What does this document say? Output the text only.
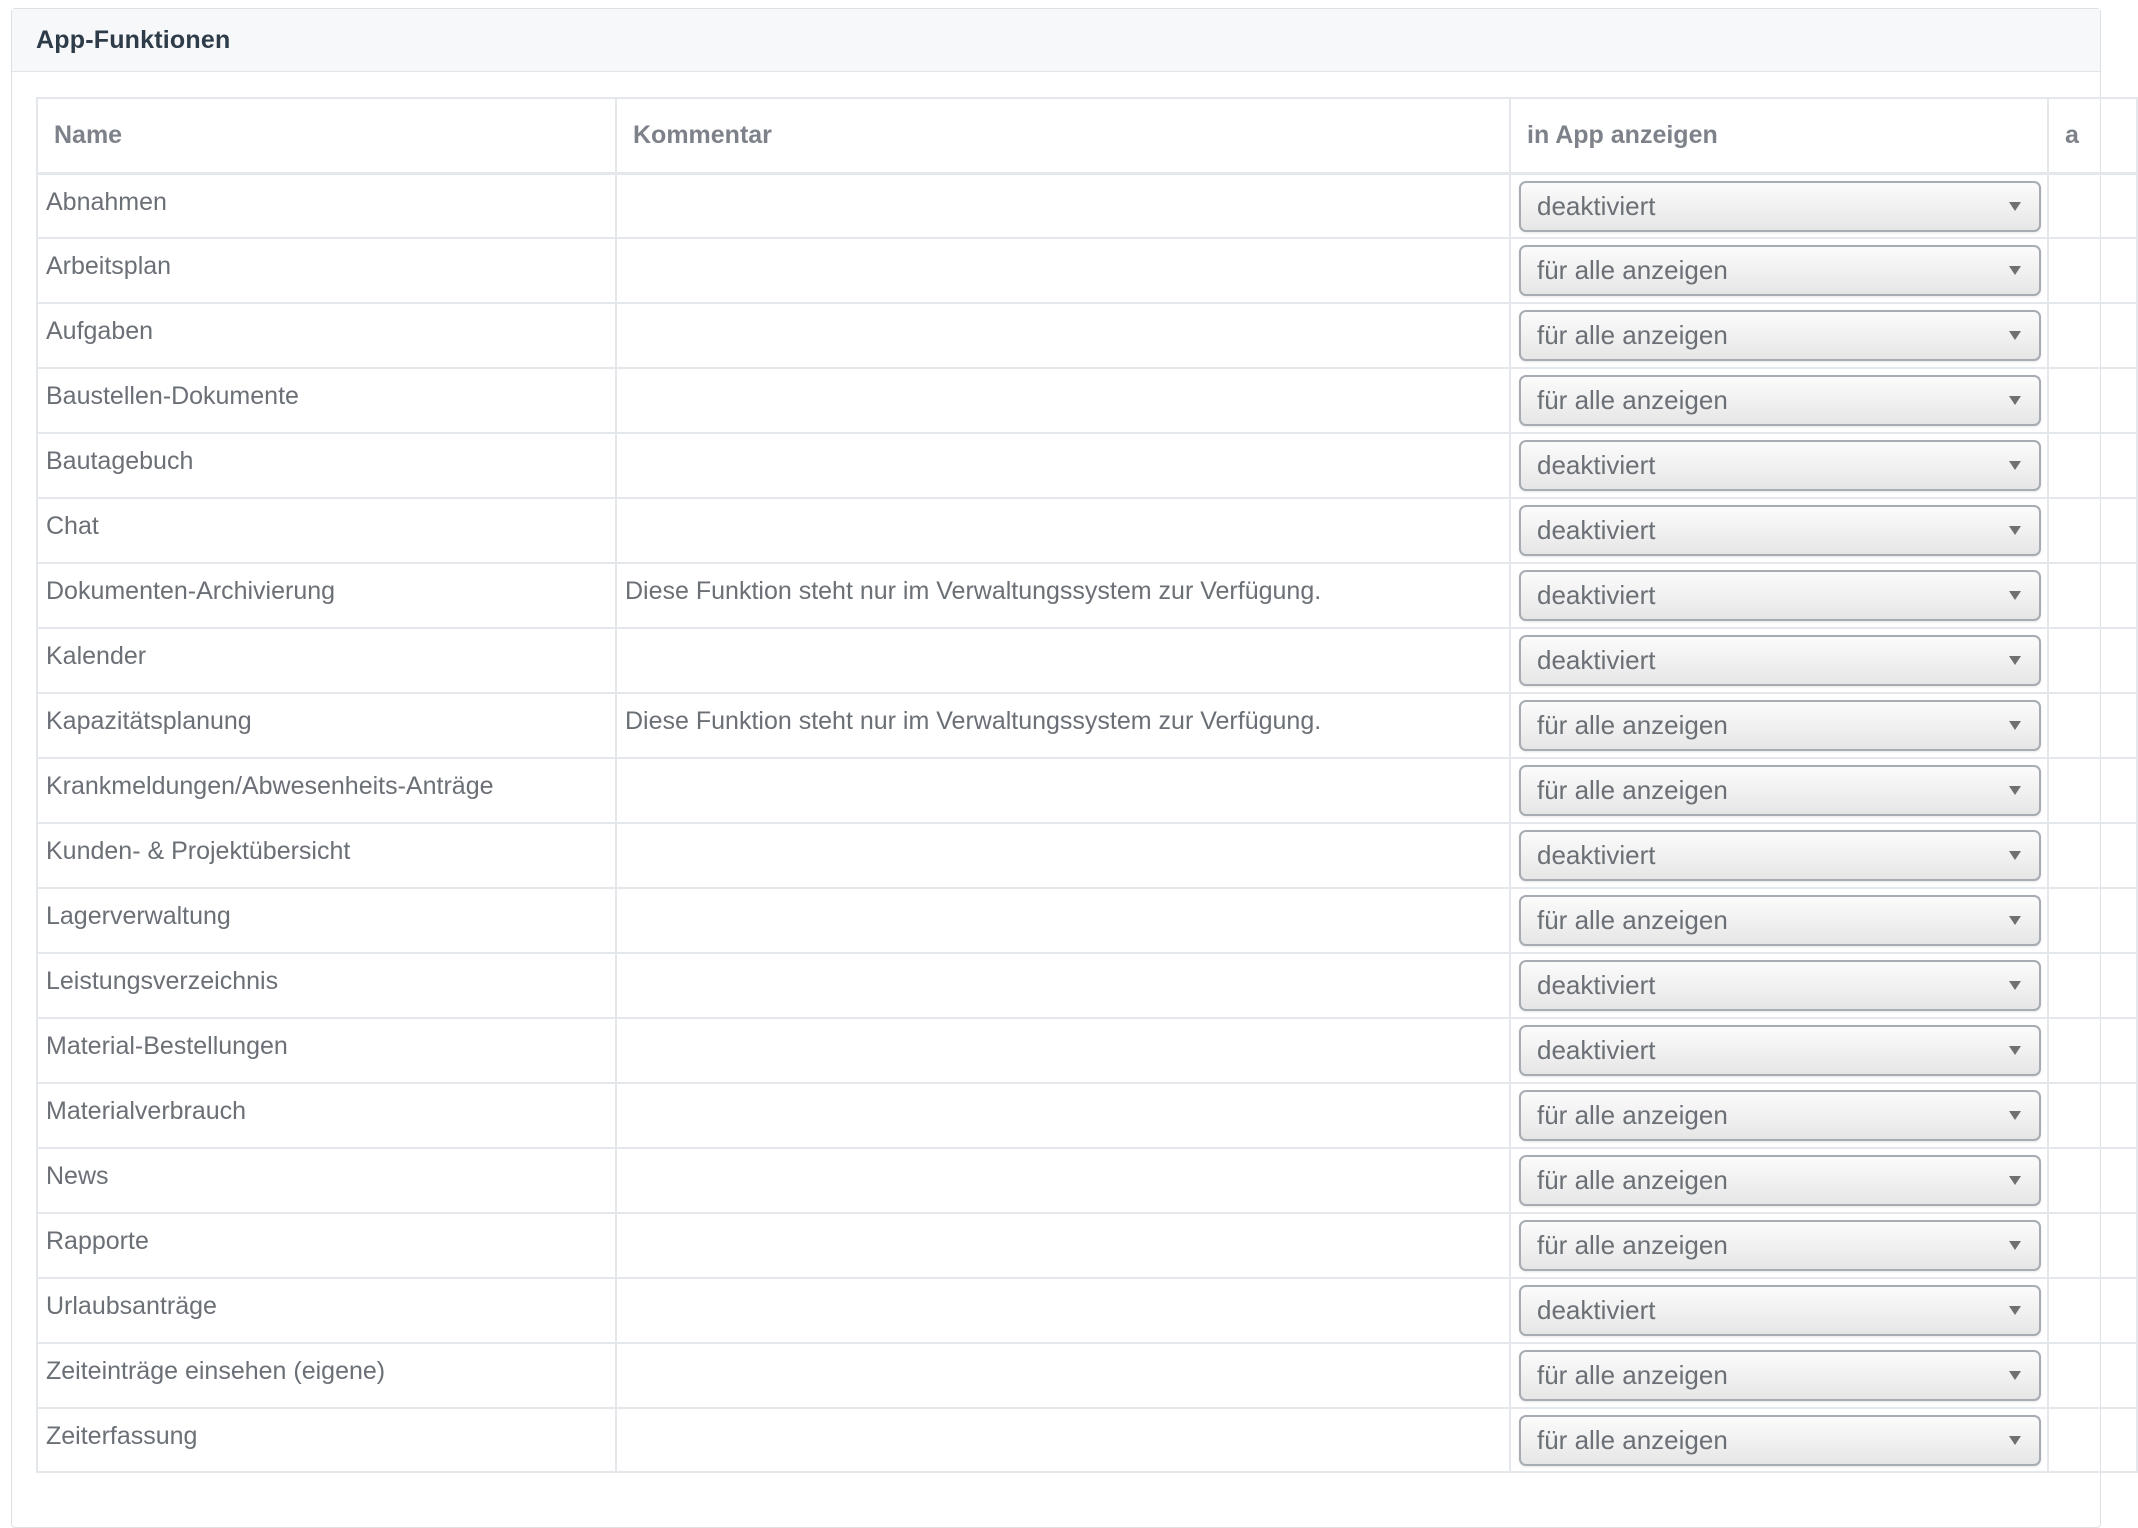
App-Funktionen
Name	Kommentar	in App anzeigen	a
Abnahmen		deaktiviert	

Arbeitsplan		für alle anzeigen	

Aufgaben		für alle anzeigen	

Baustellen-Dokumente		für alle anzeigen	

Bautagebuch		deaktiviert	

Chat		deaktiviert	

Dokumenten-Archivierung	Diese Funktion steht nur im Verwaltungssystem zur Verfügung.	deaktiviert	

Kalender		deaktiviert	

Kapazitätsplanung	Diese Funktion steht nur im Verwaltungssystem zur Verfügung.	für alle anzeigen	

Krankmeldungen/Abwesenheits-Anträge		für alle anzeigen	

Kunden- & Projektübersicht		deaktiviert	

Lagerverwaltung		für alle anzeigen	

Leistungsverzeichnis		deaktiviert	

Material-Bestellungen		deaktiviert	

Materialverbrauch		für alle anzeigen	

News		für alle anzeigen	

Rapporte		für alle anzeigen	

Urlaubsanträge		deaktiviert	

Zeiteinträge einsehen (eigene)		für alle anzeigen	

Zeiterfassung		für alle anzeigen	
